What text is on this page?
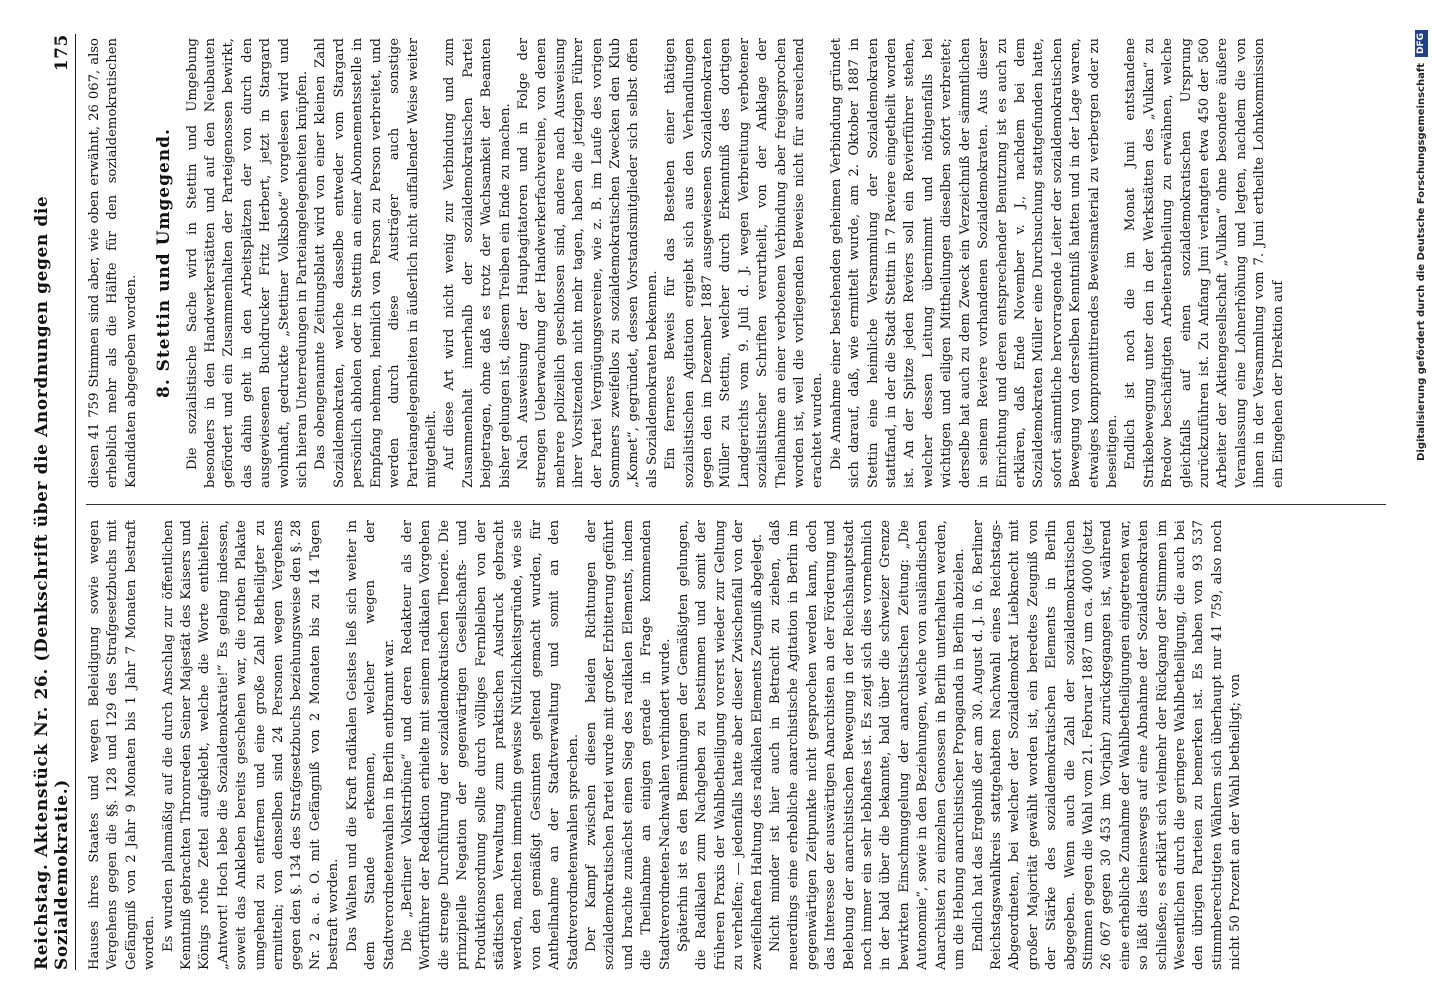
Reichstag. Aktenstück Nr. 26. (Denkschrift über die Anordnungen gegen die Sozialdemokratie.)
175

Hauses ihres Staates und wegen Beleidigung sowie wegen Vergehens gegen die §§. 128 und 129 des Strafgesetzbuchs mit Gefängniß von 2 Jahr 9 Monaten bis 1 Jahr 7 Monaten bestraft worden. Es wurden planmäßig auf die durch Anschlag zur öffentlichen Kenntniß gebrachten Thronreden Seiner Majestät des Kaisers und Königs rothe Zettel aufgeklebt, welche die Worte enthielten: „Antwort! Hoch lebe die Sozialdemokratie!“ Es gelang indessen, soweit das Ankleben bereits geschehen war, die rothen Plakate umgehend zu entfernen und eine große Zahl Betheiligter zu ermitteln; von denselben sind 24 Personen wegen Vergehens gegen den §. 134 des Strafgesetzbuchs beziehungsweise den §. 28 Nr. 2 a. a. O. mit Gefängniß von 2 Monaten bis zu 14 Tagen bestraft worden. Das Walten und die Kraft radikalen Geistes ließ sich weiter in dem Stande erkennen, welcher wegen der Stadtverordnetenwahlen in Berlin entbrannt war. Die „Berliner Volkstribüne“ und deren Redakteur als der Wortführer der Redaktion erhielte mit seinem radikalen Vorgehen die strenge Durchführung der sozialdemokratischen Theorie. Die prinzipielle Negation der gegenwärtigen Gesellschafts- und Produktionsordnung sollte durch völliges Fernbleiben von der städtischen Verwaltung zum praktischen Ausdruck gebracht werden, machten immerhin gewisse Nützlichkeitsgründe, wie sie von den gemäßigt Gesinnten geltend gemacht wurden, für Antheilnahme an der Stadtverwaltung und somit an den Stadtverordnetenwahlen sprechen. Der Kampf zwischen diesen beiden Richtungen der sozialdemokratischen Partei wurde mit großer Erbitterung geführt und brachte zunächst einen Sieg des radikalen Elements, indem die Theilnahme an einigen gerade in Frage kommenden Stadtverordneten-Nachwahlen verhindert wurde. Späterhin ist es den Bemühungen der Gemäßigten gelungen, die Radikalen zum Nachgeben zu bestimmen und somit der früheren Praxis der Wahlbetheiligung vorerst wieder zur Geltung zu verhelfen; — jedenfalls hatte aber dieser Zwischenfall von der zweifelhaften Haltung des radikalen Elements Zeugniß abgelegt. Nicht minder ist hier auch in Betracht zu ziehen, daß neuerdings eine erhebliche anarchistische Agitation in Berlin im gegenwärtigen Zeitpunkte nicht gesprochen werden kann, doch das Interesse der auswärtigen Anarchisten an der Förderung und Belebung der anarchistischen Bewegung in der Reichshauptstadt noch immer ein sehr lebhaftes ist. Es zeigt sich dies vornehmlich in der bald über die bekannte, bald über die schweizer Grenze bewirkten Einschmuggelung der anarchistischen Zeitung: „Die Autonomie“, sowie in den Beziehungen, welche von ausländischen Anarchisten zu einzelnen Genossen in Berlin unterhalten werden, um die Hebung anarchistischer Propaganda in Berlin abzielen. Endlich hat das Ergebniß der am 30. August d. J. in 6. Berliner Reichstagswahlkreis stattgehabten Nachwahl eines Reichstags-Abgeordneten, bei welcher der Sozialdemokrat Liebknecht mit großer Majorität gewählt worden ist, ein beredtes Zeugniß von der Stärke des sozialdemokratischen Elements in Berlin abgegeben. Wenn auch die Zahl der sozialdemokratischen Stimmen gegen die Wahl vom 21. Februar 1887 um ca. 4000 (jetzt 26 067 gegen 30 453 im Vorjahr) zurückgegangen ist, während eine erhebliche Zunahme der Wahlbetheiligungen eingetreten war, so läßt dies keineswegs auf eine Abnahme der Sozialdemokraten schließen; es erklärt sich vielmehr der Rückgang der Stimmen im Wesentlichen durch die geringere Wahlbetheiligung, die auch bei den übrigen Parteien zu bemerken ist. Es haben von 93 537 stimmberechtigten Wählern sich überhaupt nur 41 759, also noch nicht 50 Prozent an der Wahl betheiligt; von

diesen 41 759 Stimmen sind aber, wie oben erwähnt, 26 067, also erheblich mehr als die Hälfte für den sozialdemokratischen Kandidaten abgegeben worden. 8. Stettin und Umgegend. Die sozialistische Sache wird in Stettin und Umgebung besonders in den Handwerkerstätten und auf den Neubauten gefördert und ein Zusammenhalten der Parteigenossen bewirkt, das dahin geht in den Arbeitsplätzen der von durch den ausgewiesenen Buchdrucker Fritz Herbert, jetzt in Stargard wohnhaft, gedruckte „Stettiner Volksbote“ vorgelesen wird und sich hieran Unterredungen in Parteiangelegenheiten knüpfen. Das obengenannte Zeitungsblatt wird von einer kleinen Zahl Sozialdemokraten, welche dasselbe entweder vom Stargard persönlich abholen oder in Stettin an einer Abonnementsstelle in Empfang nehmen, heimlich von Person zu Person verbreitet, und werden durch diese Austräger auch sonstige Parteiangelegenheiten in äußerlich nicht auffallender Weise weiter mitgetheilt. Auf diese Art wird nicht wenig zur Verbindung und zum Zusammenhalt innerhalb der sozialdemokratischen Partei beigetragen, ohne daß es trotz der Wachsamkeit der Beamten bisher gelungen ist, diesem Treiben ein Ende zu machen. Nach Ausweisung der Hauptagitatoren und in Folge der strengen Ueberwachung der Handwerkerfachvereine, von denen mehrere polizeilich geschlossen sind, andere nach Ausweisung ihrer Vorsitzenden nicht mehr tagen, haben die jetzigen Führer der Partei Vergnügungsvereine, wie z. B. im Laufe des vorigen Sommers zweifellos zu sozialdemokratischen Zwecken den Klub „Komet“, gegründet, dessen Vorstandsmitglieder sich selbst offen als Sozialdemokraten bekennen. Ein ferneres Beweis für das Bestehen einer thätigen sozialistischen Agitation ergiebt sich aus den Verhandlungen gegen den im Dezember 1887 ausgewiesenen Sozialdemokraten Müller zu Stettin, welcher durch Erkenntniß des dortigen Landgerichts vom 9. Juli d. J. wegen Verbreitung verbotener sozialistischer Schriften verurtheilt, von der Anklage der Theilnahme an einer verbotenen Verbindung aber freigesprochen worden ist, weil die vorliegenden Beweise nicht für ausreichend erachtet wurden. Die Annahme einer bestehenden geheimen Verbindung gründet sich darauf, daß, wie ermittelt wurde, am 2. Oktober 1887 in Stettin eine heimliche Versammlung der Sozialdemokraten stattfand, in der die Stadt Stettin in 7 Reviere eingetheilt worden ist. An der Spitze jeden Reviers soll ein Revierführer stehen, welcher dessen Leitung übernimmt und nöthigenfalls bei wichtigen und eiligen Mittheilungen dieselben sofort verbreitet; derselbe hat auch zu dem Zweck ein Verzeichniß der sämmtlichen in seinem Reviere vorhandenen Sozialdemokraten. Aus dieser Einrichtung und deren entsprechender Benutzung ist es auch zu erklären, daß Ende November v. J., nachdem bei dem Sozialdemokraten Müller eine Durchsuchung stattgefunden hatte, sofort sämmtliche hervorragende Leiter der sozialdemokratischen Bewegung von derselben Kenntniß hatten und in der Lage waren, etwaiges kompromittirendes Beweismaterial zu verbergen oder zu beseitigen. Endlich ist noch die im Monat Juni entstandene Strikebewegung unter den in der Werkstätten des „Vulkan“ zu Bredow beschäftigten Arbeiterabtheilung zu erwähnen, welche gleichfalls auf einen sozialdemokratischen Ursprung zurückzuführen ist. Zu Anfang Juni verlangten etwa 450 der 560 Arbeiter der Aktiengesellschaft „Vulkan“ ohne besondere äußere Veranlassung eine Lohnerhöhung und legten, nachdem die von ihnen in der Versammlung vom 7. Juni ertheilte Lohnkommission ein Eingehen der Direktion auf	Digitalisierung gefördert durch die Deutsche Forschungsgemeinschaft
DFG
